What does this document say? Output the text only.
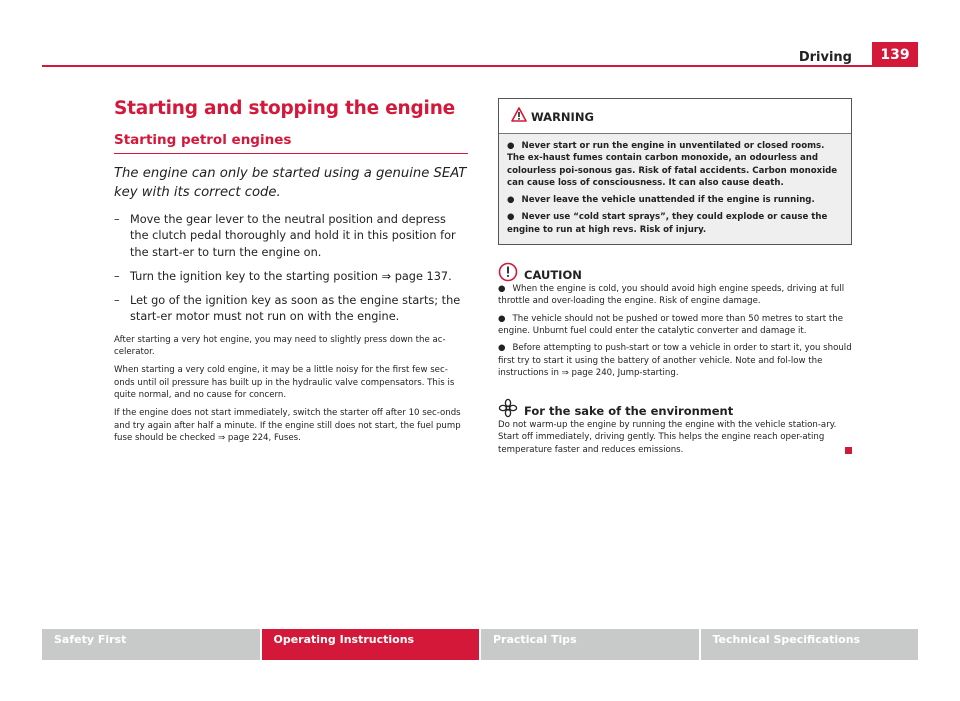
Driving	139
Starting and stopping the engine
Starting petrol engines

The engine can only be started using a genuine SEAT key with its correct code.

– Move the gear lever to the neutral position and depress the clutch pedal thoroughly and hold it in this position for the start-er to turn the engine on.
– Turn the ignition key to the starting position ⇒ page 137.
– Let go of the ignition key as soon as the engine starts; the start-er motor must not run on with the engine.

After starting a very hot engine, you may need to slightly press down the ac-celerator.

When starting a very cold engine, it may be a little noisy for the first few sec-onds until oil pressure has built up in the hydraulic valve compensators. This is quite normal, and no cause for concern.

If the engine does not start immediately, switch the starter off after 10 sec-onds and try again after half a minute. If the engine still does not start, the fuel pump fuse should be checked ⇒ page 224, Fuses.

WARNING

● Never start or run the engine in unventilated or closed rooms. The ex-haust fumes contain carbon monoxide, an odourless and colourless poi-sonous gas. Risk of fatal accidents. Carbon monoxide can cause loss of consciousness. It can also cause death.

● Never leave the vehicle unattended if the engine is running.

● Never use “cold start sprays”, they could explode or cause the engine to run at high revs. Risk of injury.

CAUTION

● When the engine is cold, you should avoid high engine speeds, driving at full throttle and over-loading the engine. Risk of engine damage.

● The vehicle should not be pushed or towed more than 50 metres to start the engine. Unburnt fuel could enter the catalytic converter and damage it.

● Before attempting to push-start or tow a vehicle in order to start it, you should first try to start it using the battery of another vehicle. Note and fol-low the instructions in ⇒ page 240, Jump-starting.

For the sake of the environment

Do not warm-up the engine by running the engine with the vehicle station-ary. Start off immediately, driving gently. This helps the engine reach oper-ating temperature faster and reduces emissions.

Safety First	Operating Instructions	Practical Tips	Technical Specifications
